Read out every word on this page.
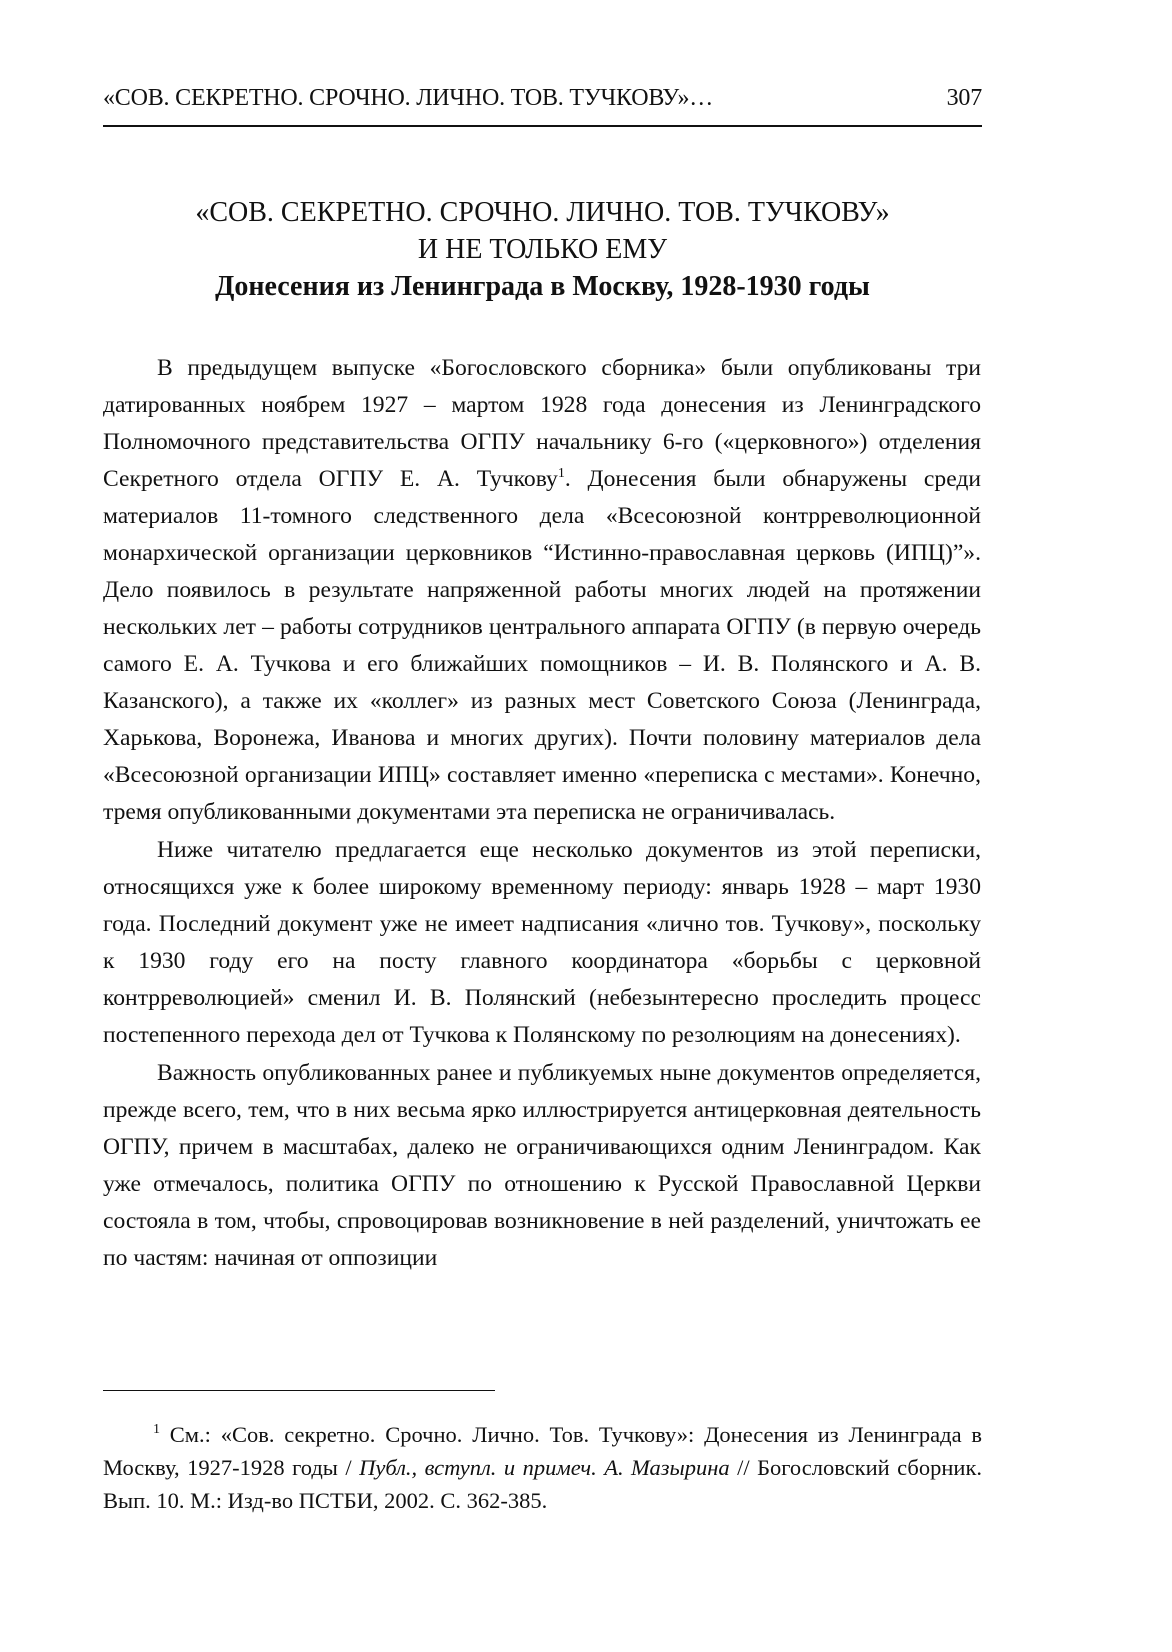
«СОВ. СЕКРЕТНО. СРОЧНО. ЛИЧНО. ТОВ. ТУЧКОВУ»…	307
«СОВ. СЕКРЕТНО. СРОЧНО. ЛИЧНО. ТОВ. ТУЧКОВУ»
И НЕ ТОЛЬКО ЕМУ
Донесения из Ленинграда в Москву, 1928-1930 годы

В предыдущем выпуске «Богословского сборника» были опубликованы три датированных ноябрем 1927 – мартом 1928 года донесения из Ленинградского Полномочного представительства ОГПУ начальнику 6-го («церковного») отделения Секретного отдела ОГПУ Е. А. Тучкову$^1$. Донесения были обнаружены среди материалов 11-томного следственного дела «Всесоюзной контрреволюционной монархической организации церковников “Истинно-православная церковь (ИПЦ)”». Дело появилось в результате напряженной работы многих людей на протяжении нескольких лет – работы сотрудников центрального аппарата ОГПУ (в первую очередь самого Е. А. Тучкова и его ближайших помощников – И. В. Полянского и А. В. Казанского), а также их «коллег» из разных мест Советского Союза (Ленинграда, Харькова, Воронежа, Иванова и многих других). Почти половину материалов дела «Всесоюзной организации ИПЦ» составляет именно «переписка с местами». Конечно, тремя опубликованными документами эта переписка не ограничивалась.

Ниже читателю предлагается еще несколько документов из этой переписки, относящихся уже к более широкому временному периоду: январь 1928 – март 1930 года. Последний документ уже не имеет надписания «лично тов. Тучкову», поскольку к 1930 году его на посту главного координатора «борьбы с церковной контрреволюцией» сменил И. В. Полянский (небезынтересно проследить процесс постепенного перехода дел от Тучкова к Полянскому по резолюциям на донесениях).

Важность опубликованных ранее и публикуемых ныне документов определяется, прежде всего, тем, что в них весьма ярко иллюстрируется антицерковная деятельность ОГПУ, причем в масштабах, далеко не ограничивающихся одним Ленинградом. Как уже отмечалось, политика ОГПУ по отношению к Русской Православной Церкви состояла в том, чтобы, спровоцировав возникновение в ней разделений, уничтожать ее по частям: начиная от оппозиции

$^1$ См.: «Сов. секретно. Срочно. Лично. Тов. Тучкову»: Донесения из Ленинграда в Москву, 1927-1928 годы / Публ., вступл. и примеч. А. Мазырина // Богословский сборник. Вып. 10. М.: Изд-во ПСТБИ, 2002. С. 362-385.
